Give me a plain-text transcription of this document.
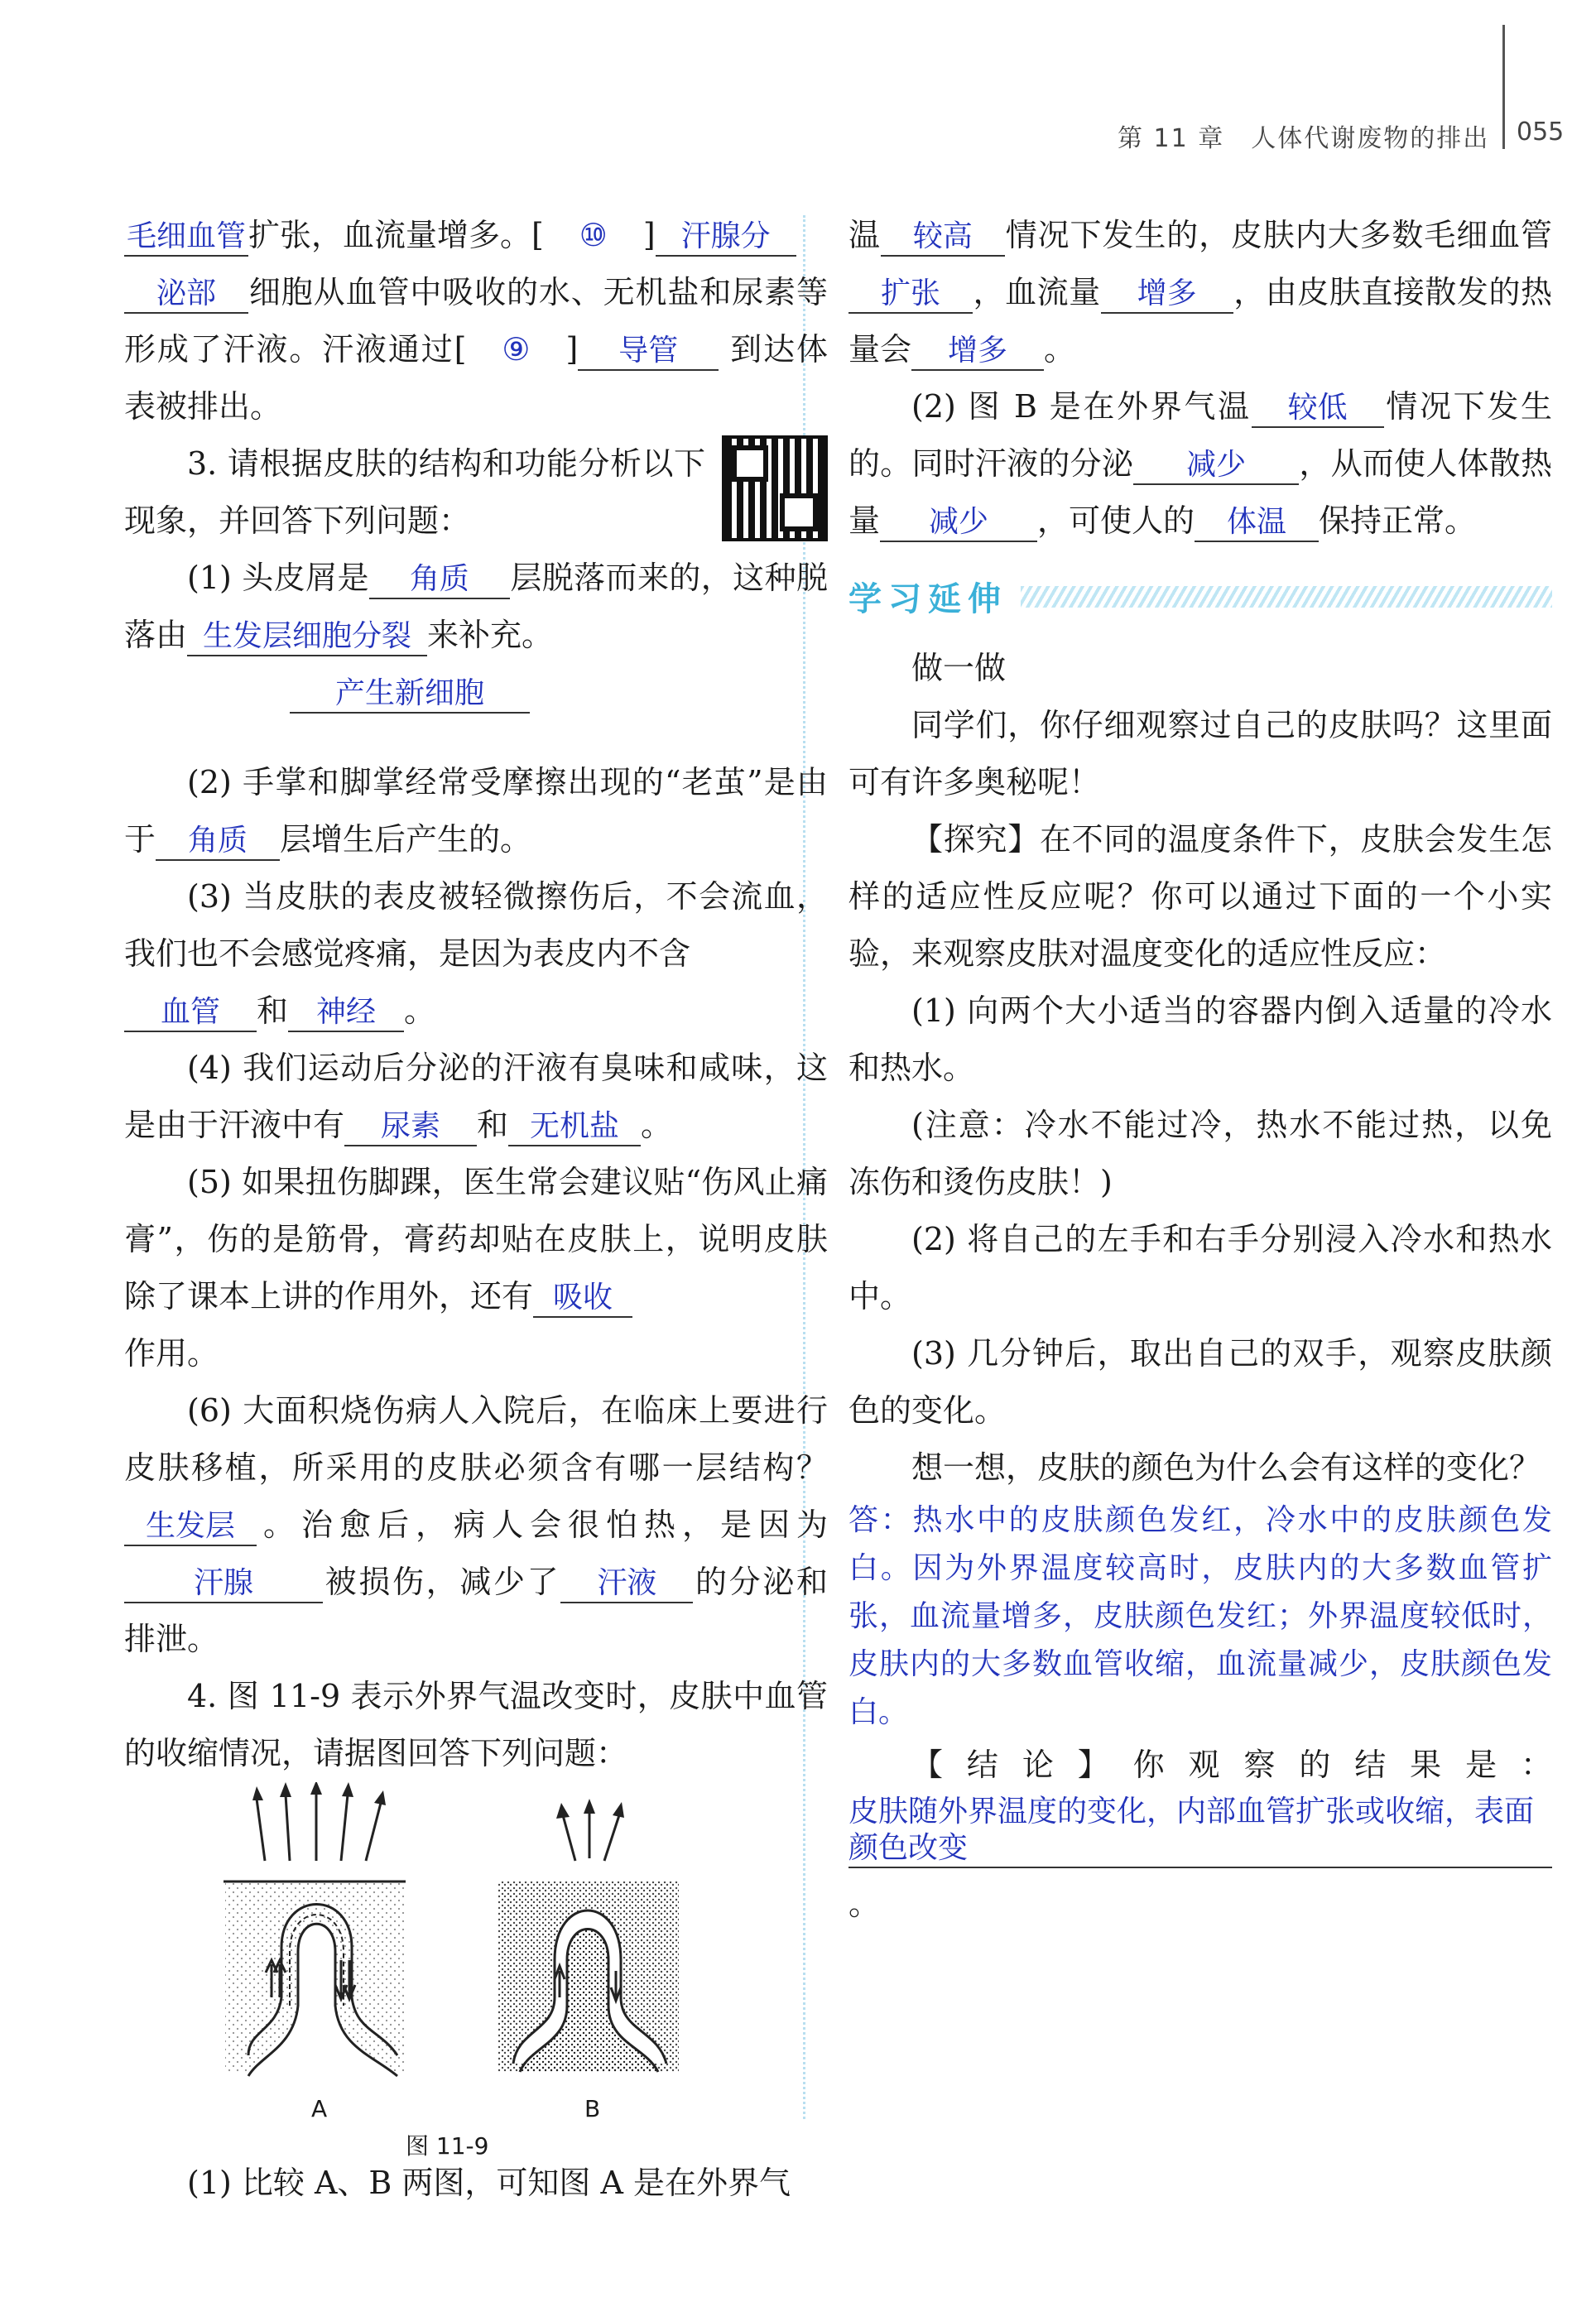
第 11 章　人体代谢废物的排出 055

毛细血管扩张，血流量增多。[ ⑩ ] 汗腺分
泌部 细胞从血管中吸收的水、无机盐和尿素等形成了汗液。汗液通过[ ⑨ ] 导管 到达体表被排出。

3. 请根据皮肤的结构和功能分析以下现象，并回答下列问题：

(1) 头皮屑是 角质 层脱落而来的，这种脱落由 生发层细胞分裂 来补充。
产生新细胞

(2) 手掌和脚掌经常受摩擦出现的“老茧”是由于 角质 层增生后产生的。

(3) 当皮肤的表皮被轻微擦伤后，不会流血，我们也不会感觉疼痛，是因为表皮内不含
血管 和 神经 。

(4) 我们运动后分泌的汗液有臭味和咸味，这是由于汗液中有 尿素 和 无机盐 。

(5) 如果扭伤脚踝，医生常会建议贴“伤风止痛膏”，伤的是筋骨，膏药却贴在皮肤上，说明皮肤除了课本上讲的作用外，还有 吸收
作用。

(6) 大面积烧伤病人入院后，在临床上要进行皮肤移植，所采用的皮肤必须含有哪一层结构？生发层 。治愈后，病人会很怕热，是因为汗腺 被损伤，减少了 汗液 的分泌和排泄。

4. 图 11-9 表示外界气温改变时，皮肤中血管的收缩情况，请据图回答下列问题：

A	B
图 11-9

(1) 比较 A、B 两图，可知图 A 是在外界气

温 较高 情况下发生的，皮肤内大多数毛细血管扩张 ，血流量 增多 ，由皮肤直接散发的热量会 增多 。

(2) 图 B 是在外界气温 较低 情况下发生的。同时汗液的分泌 减少 ，从而使人体散热量 减少 ，可使人的 体温 保持正常。

学习延伸

做一做

同学们，你仔细观察过自己的皮肤吗？这里面可有许多奥秘呢！

【探究】在不同的温度条件下，皮肤会发生怎样的适应性反应呢？你可以通过下面的一个小实验，来观察皮肤对温度变化的适应性反应：

(1) 向两个大小适当的容器内倒入适量的冷水和热水。

(注意：冷水不能过冷，热水不能过热，以免冻伤和烫伤皮肤！)

(2) 将自己的左手和右手分别浸入冷水和热水中。

(3) 几分钟后，取出自己的双手，观察皮肤颜色的变化。

想一想，皮肤的颜色为什么会有这样的变化？

答：热水中的皮肤颜色发红，冷水中的皮肤颜色发白。因为外界温度较高时，皮肤内的大多数血管扩张，血流量增多，皮肤颜色发红；外界温度较低时，皮肤内的大多数血管收缩，血流量减少，皮肤颜色发白。

【结论】你观察的结果是：皮肤随外界温度的变化，内部血管扩张或收缩，表面颜色改变。
